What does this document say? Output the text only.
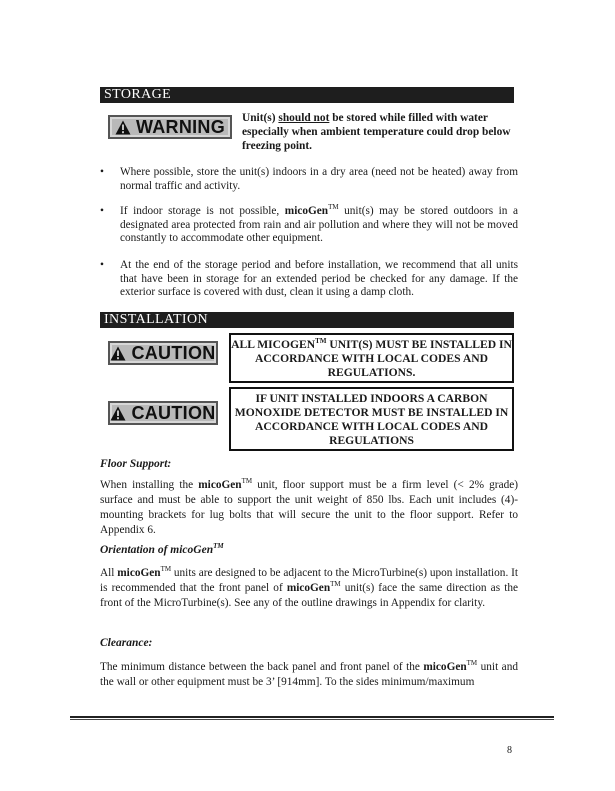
STORAGE
WARNING Unit(s) should not be stored while filled with water especially when ambient temperature could drop below freezing point.
• Where possible, store the unit(s) indoors in a dry area (need not be heated) away from normal traffic and activity.
• If indoor storage is not possible, micoGen™ unit(s) may be stored outdoors in a designated area protected from rain and air pollution and where they will not be moved constantly to accommodate other equipment.
• At the end of the storage period and before installation, we recommend that all units that have been in storage for an extended period be checked for any damage. If the exterior surface is covered with dust, clean it using a damp cloth.
INSTALLATION
CAUTION ALL MICOGEN™ UNIT(S) MUST BE INSTALLED IN ACCORDANCE WITH LOCAL CODES AND REGULATIONS.
CAUTION
IF UNIT INSTALLED INDOORS A CARBON MONOXIDE DETECTOR MUST BE INSTALLED IN ACCORDANCE WITH LOCAL CODES AND REGULATIONS
Floor Support:
When installing the micoGen™ unit, floor support must be a firm level (< 2% grade) surface and must be able to support the unit weight of 850 lbs. Each unit includes (4)-mounting brackets for lug bolts that will secure the unit to the floor support. Refer to Appendix 6.
Orientation of micoGen™
All micoGen™ units are designed to be adjacent to the MicroTurbine(s) upon installation. It is recommended that the front panel of micoGen™ unit(s) face the same direction as the front of the MicroTurbine(s). See any of the outline drawings in Appendix for clarity.
Clearance:
The minimum distance between the back panel and front panel of the micoGen™ unit and the wall or other equipment must be 3’ [914mm]. To the sides minimum/maximum
8
